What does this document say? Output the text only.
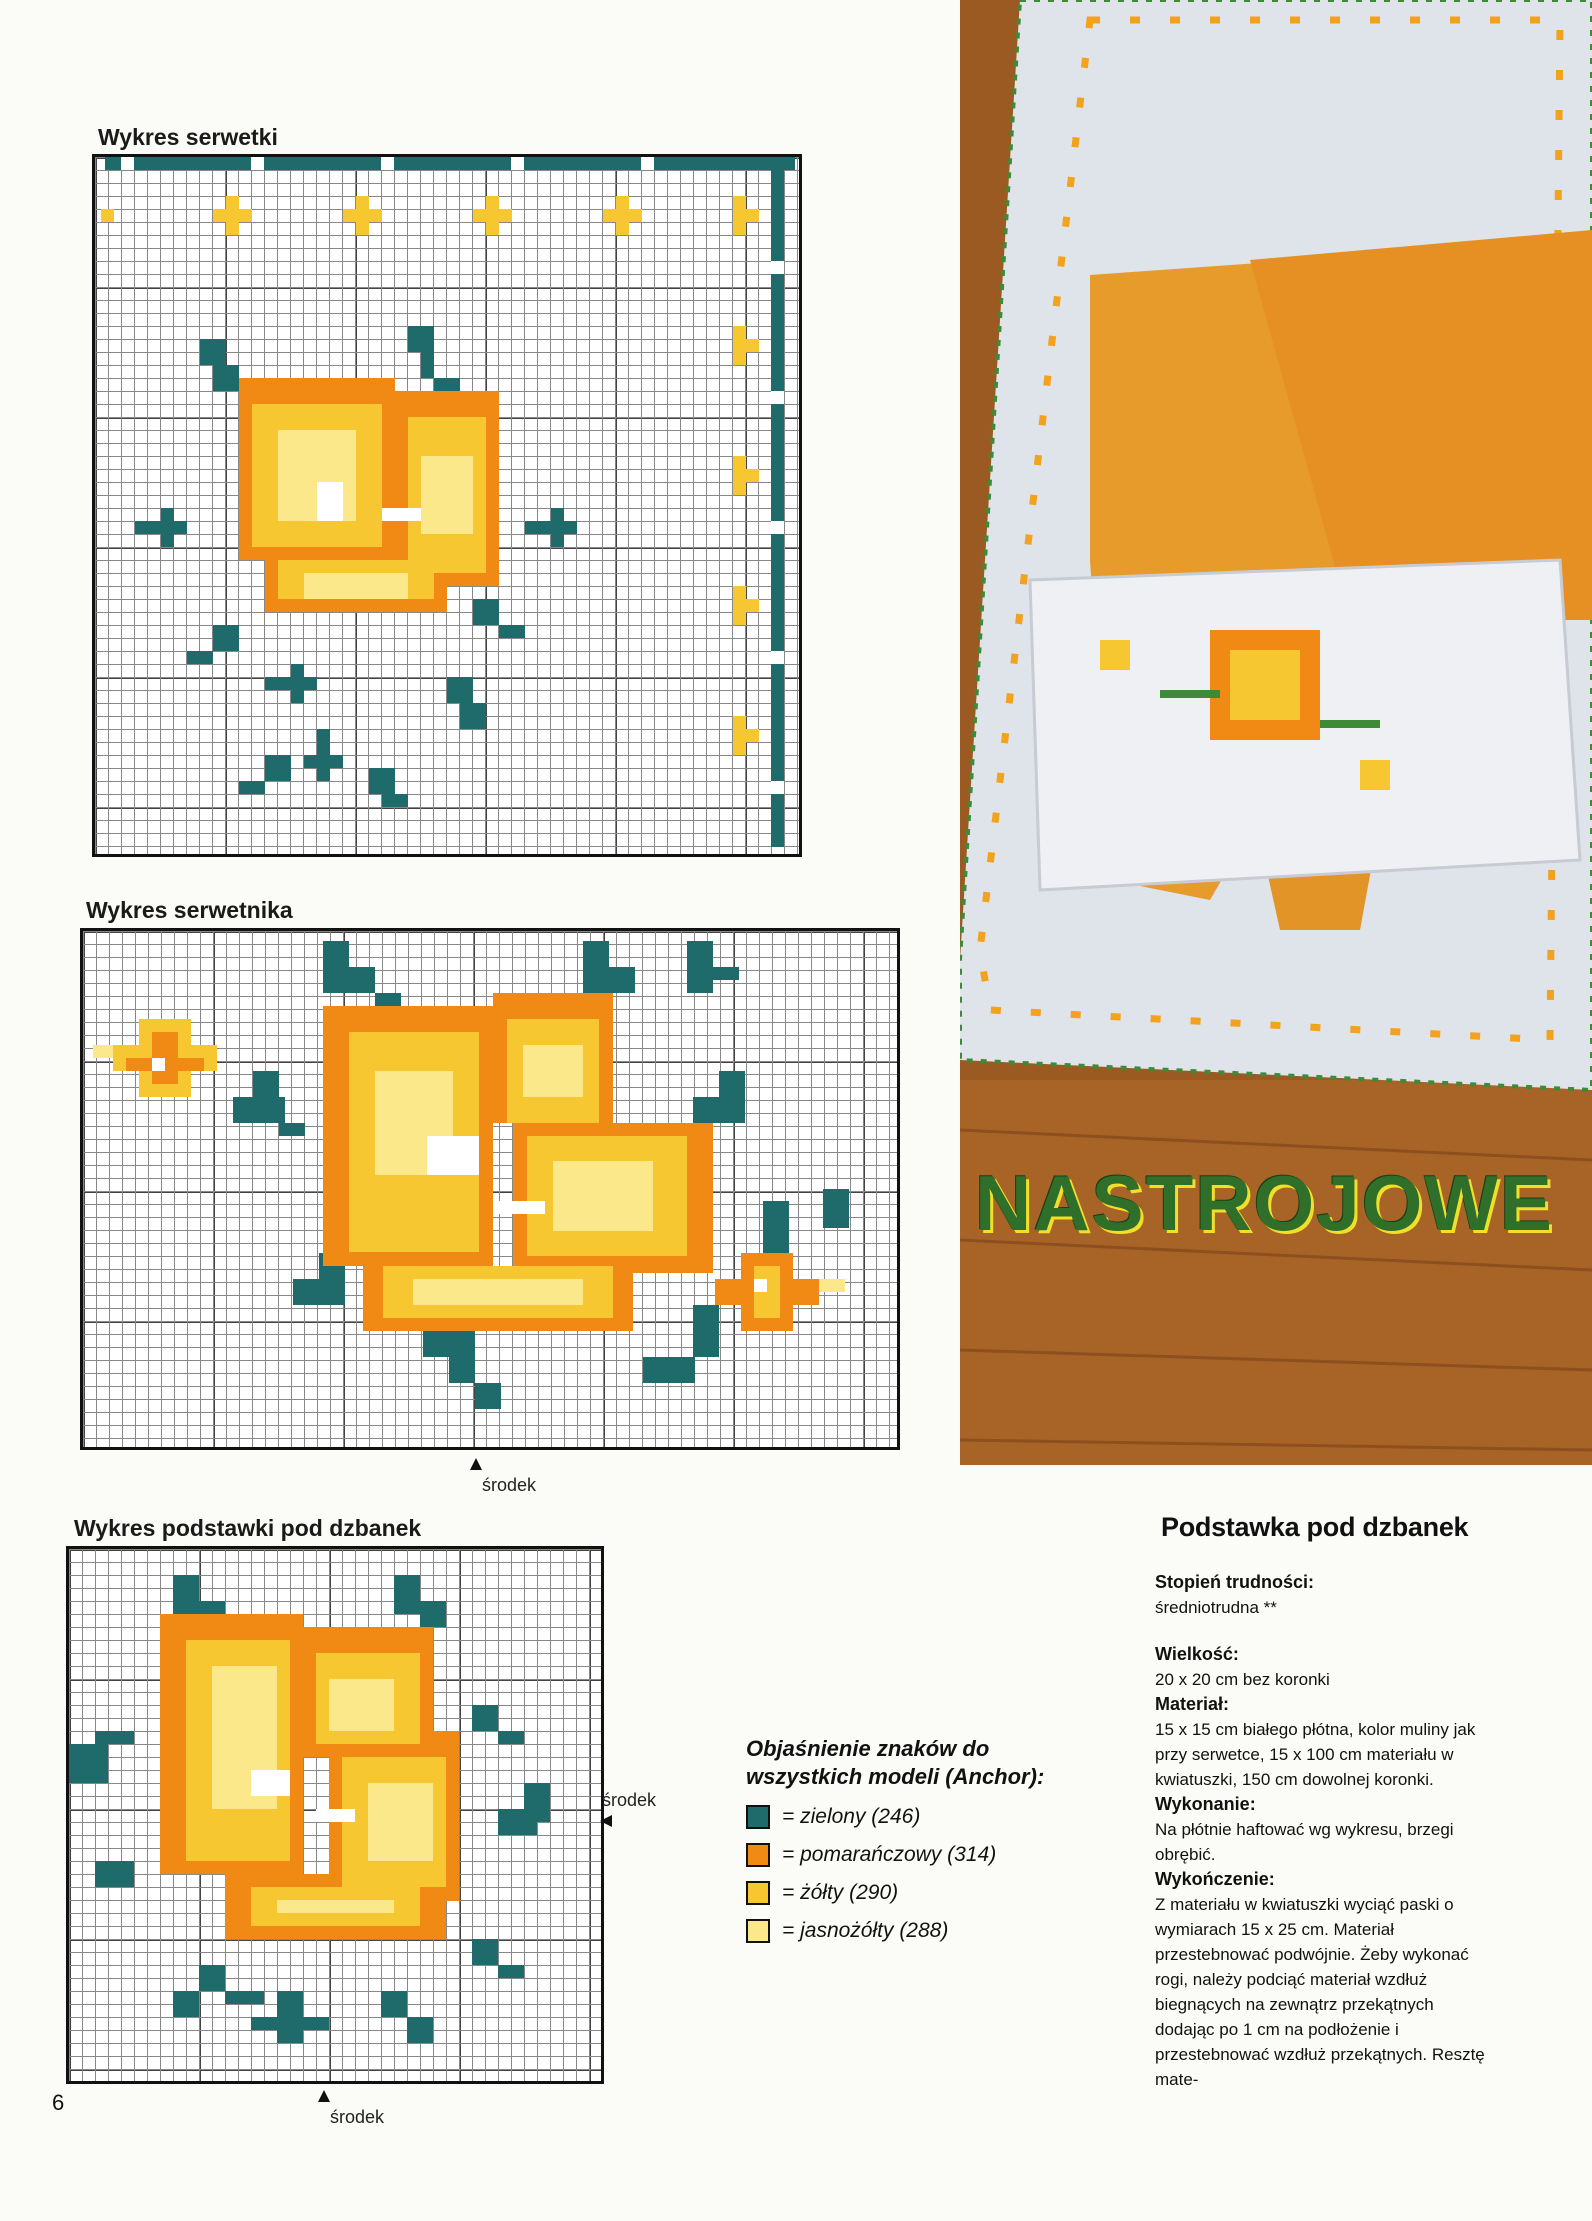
Wykres serwetki
Wykres serwetnika

środek
Wykres podstawki pod dzbanek
środek

środek
NASTROJOWE
Objaśnienie znaków do wszystkich modeli (Anchor):
= zielony (246)
= pomarańczowy (314)
= żółty (290)
= jasnożółty (288)
Podstawka pod dzbanek

Stopień trudności:

średniotrudna **

Wielkość:

20 x 20 cm bez koronki

Materiał:

15 x 15 cm białego płótna, kolor muliny jak przy serwetce, 15 x 100 cm materiału w kwiatuszki, 150 cm dowolnej koronki.

Wykonanie:

Na płótnie haftować wg wykresu, brzegi obrębić.

Wykończenie:

Z materiału w kwiatuszki wyciąć paski o wymiarach 15 x 25 cm. Materiał przestebnować podwójnie. Żeby wykonać rogi, należy podciąć materiał wzdłuż biegnących na zewnątrz przekątnych dodając po 1 cm na podłożenie i przestebnować wzdłuż przekątnych. Resztę mate-

6
